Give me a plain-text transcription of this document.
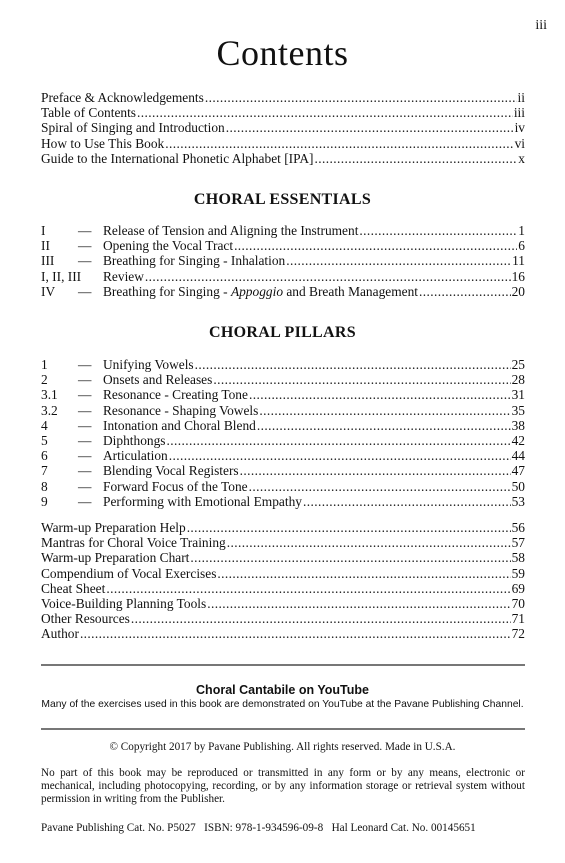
iii
Contents
Preface & Acknowledgements .....	ii
Table of Contents .....	iii
Spiral of Singing and Introduction .....	iv
How to Use This Book .....	vi
Guide to the International Phonetic Alphabet [IPA] .....	x
CHORAL ESSENTIALS
I	— Release of Tension and Aligning the Instrument .....	1
II	— Opening the Vocal Tract .....	6
III	— Breathing for Singing - Inhalation .....	11
I, II, III	Review .....	16
IV	— Breathing for Singing - Appoggio and Breath Management .....	20
CHORAL PILLARS
1	— Unifying Vowels .....	25
2	— Onsets and Releases .....	28
3.1	— Resonance - Creating Tone .....	31
3.2	— Resonance - Shaping Vowels .....	35
4	— Intonation and Choral Blend .....	38
5	— Diphthongs .....	42
6	— Articulation .....	44
7	— Blending Vocal Registers .....	47
8	— Forward Focus of the Tone .....	50
9	— Performing with Emotional Empathy .....	53
Warm-up Preparation Help .....	56
Mantras for Choral Voice Training .....	57
Warm-up Preparation Chart .....	58
Compendium of Vocal Exercises .....	59
Cheat Sheet .....	69
Voice-Building Planning Tools .....	70
Other Resources .....	71
Author .....	72
Choral Cantabile on YouTube
Many of the exercises used in this book are demonstrated on YouTube at the Pavane Publishing Channel.
© Copyright 2017 by Pavane Publishing. All rights reserved. Made in U.S.A.
No part of this book may be reproduced or transmitted in any form or by any means, electronic or mechanical, including photocopying, recording, or by any information storage or retrieval system without permission in writing from the Publisher.
Pavane Publishing Cat. No. P5027 ISBN: 978-1-934596-09-8 Hal Leonard Cat. No. 00145651
